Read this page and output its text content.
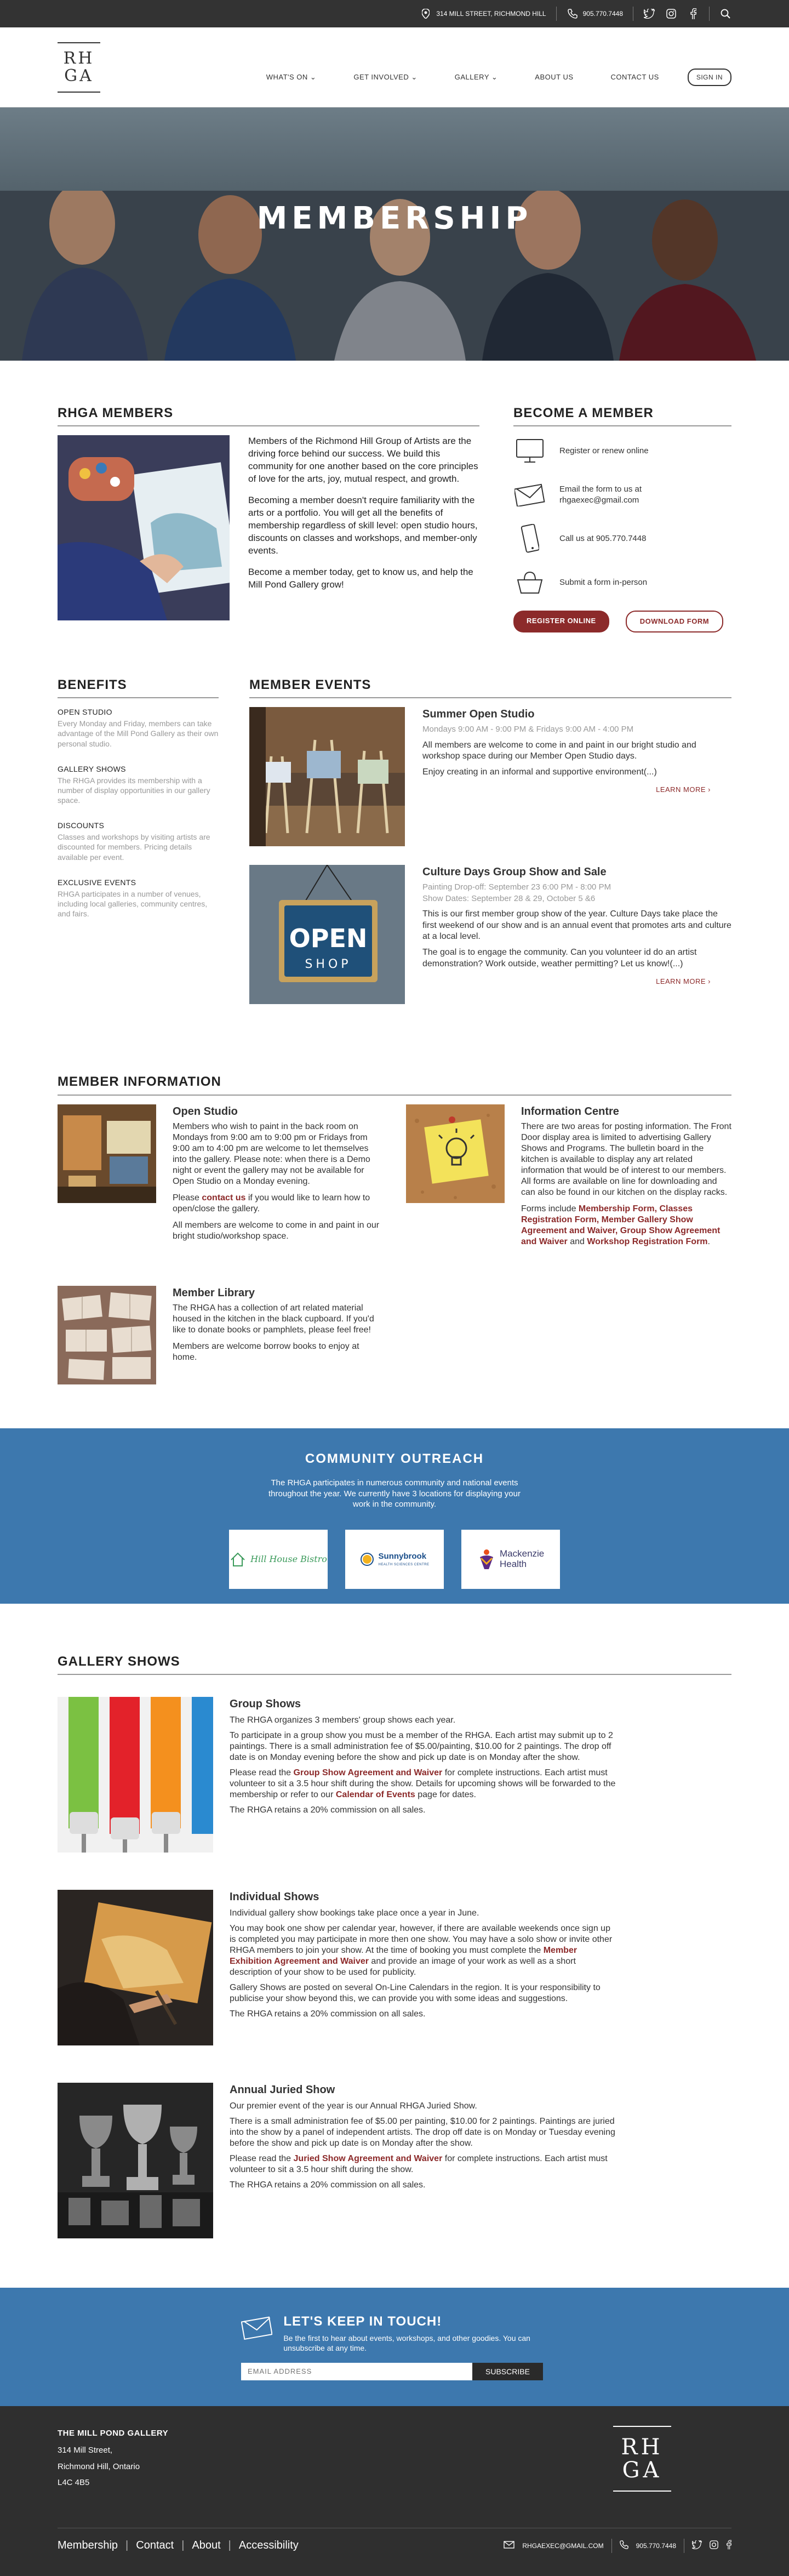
314 MILL STREET, RICHMOND HILL	905.770.7448
RH
GA	WHAT'S ON ⌄	GET INVOLVED ⌄	GALLERY ⌄	ABOUT US	CONTACT US	SIGN IN
MEMBERSHIP
RHGA MEMBERS

Members of the Richmond Hill Group of Artists are the driving force behind our success. We build this community for one another based on the core principles of love for the arts, joy, mutual respect, and growth.

Becoming a member doesn't require familiarity with the arts or a portfolio. You will get all the benefits of membership regardless of skill level: open studio hours, discounts on classes and workshops, and member-only events.

Become a member today, get to know us, and help the Mill Pond Gallery grow!

BECOME A MEMBER
Register or renew online
Email the form to us at
rhgaexec@gmail.com
Call us at 905.770.7448
Submit a form in-person
REGISTER ONLINE	DOWNLOAD FORM
BENEFITS
OPEN STUDIO

Every Monday and Friday, members can take advantage of the Mill Pond Gallery as their own personal studio.

GALLERY SHOWS

The RHGA provides its membership with a number of display opportunities in our gallery space.

DISCOUNTS

Classes and workshops by visiting artists are discounted for members. Pricing details available per event.

EXCLUSIVE EVENTS

RHGA participates in a number of venues, including local galleries, community centres, and fairs.

MEMBER EVENTS
Summer Open Studio
Mondays 9:00 AM - 9:00 PM & Fridays 9:00 AM - 4:00 PM

All members are welcome to come in and paint in our bright studio and workshop space during our Member Open Studio days.

Enjoy creating in an informal and supportive environment(...)

LEARN MORE ›
OPEN
SHOP
Culture Days Group Show and Sale
Painting Drop-off: September 23 6:00 PM - 8:00 PM
Show Dates: September 28 & 29, October 5 &6

This is our first member group show of the year. Culture Days take place the first weekend of our show and is an annual event that promotes arts and culture at a local level.

The goal is to engage the community. Can you volunteer id do an artist demonstration? Work outside, weather permitting? Let us know!(...)

LEARN MORE ›
MEMBER INFORMATION
Open Studio

Members who wish to paint in the back room on Mondays from 9:00 am to 9:00 pm or Fridays from 9:00 am to 4:00 pm are welcome to let themselves into the gallery. Please note: when there is a Demo night or event the gallery may not be available for Open Studio on a Monday evening.

Please contact us if you would like to learn how to open/close the gallery.

All members are welcome to come in and paint in our bright studio/workshop space.

Information Centre

There are two areas for posting information. The Front Door display area is limited to advertising Gallery Shows and Programs. The bulletin board in the kitchen is available to display any art related information that would be of interest to our members. All forms are available on line for downloading and can also be found in our kitchen on the display racks.

Forms include Membership Form, Classes Registration Form, Member Gallery Show Agreement and Waiver, Group Show Agreement and Waiver and Workshop Registration Form.

Member Library

The RHGA has a collection of art related material housed in the kitchen in the black cupboard. If you'd like to donate books or pamphlets, please feel free!

Members are welcome borrow books to enjoy at home.

COMMUNITY OUTREACH

The RHGA participates in numerous community and national events throughout the year. We currently have 3 locations for displaying your work in the community.

Hill House Bistro	Sunnybrook
HEALTH SCIENCES CENTRE
Mackenzie Health
GALLERY SHOWS
Group Shows

The RHGA organizes 3 members' group shows each year.

To participate in a group show you must be a member of the RHGA. Each artist may submit up to 2 paintings. There is a small administration fee of $5.00/painting, $10.00 for 2 paintings. The drop off date is on Monday evening before the show and pick up date is on Monday after the show.

Please read the Group Show Agreement and Waiver for complete instructions. Each artist must volunteer to sit a 3.5 hour shift during the show. Details for upcoming shows will be forwarded to the membership or refer to our Calendar of Events page for dates.

The RHGA retains a 20% commission on all sales.

Individual Shows

Individual gallery show bookings take place once a year in June.

You may book one show per calendar year, however, if there are available weekends once sign up is completed you may participate in more then one show. You may have a solo show or invite other RHGA members to join your show. At the time of booking you must complete the Member Exhibition Agreement and Waiver and provide an image of your work as well as a short description of your show to be used for publicity.

Gallery Shows are posted on several On-Line Calendars in the region. It is your responsibility to publicise your show beyond this, we can provide you with some ideas and suggestions.

The RHGA retains a 20% commission on all sales.

Annual Juried Show

Our premier event of the year is our Annual RHGA Juried Show.

There is a small administration fee of $5.00 per painting, $10.00 for 2 paintings. Paintings are juried into the show by a panel of independent artists. The drop off date is on Monday or Tuesday evening before the show and pick up date is on Monday after the show.

Please read the Juried Show Agreement and Waiver for complete instructions. Each artist must volunteer to sit a 3.5 hour shift during the show.

The RHGA retains a 20% commission on all sales.

LET'S KEEP IN TOUCH!

Be the first to hear about events, workshops, and other goodies. You can unsubscribe at any time.

EMAIL ADDRESS
SUBSCRIBE
THE MILL POND GALLERY
314 Mill Street,
Richmond Hill, Ontario
L4C 4B5
RH
GA
Membership | Contact | About | Accessibility	RHGAEXEC@GMAIL.COM	905.770.7448
